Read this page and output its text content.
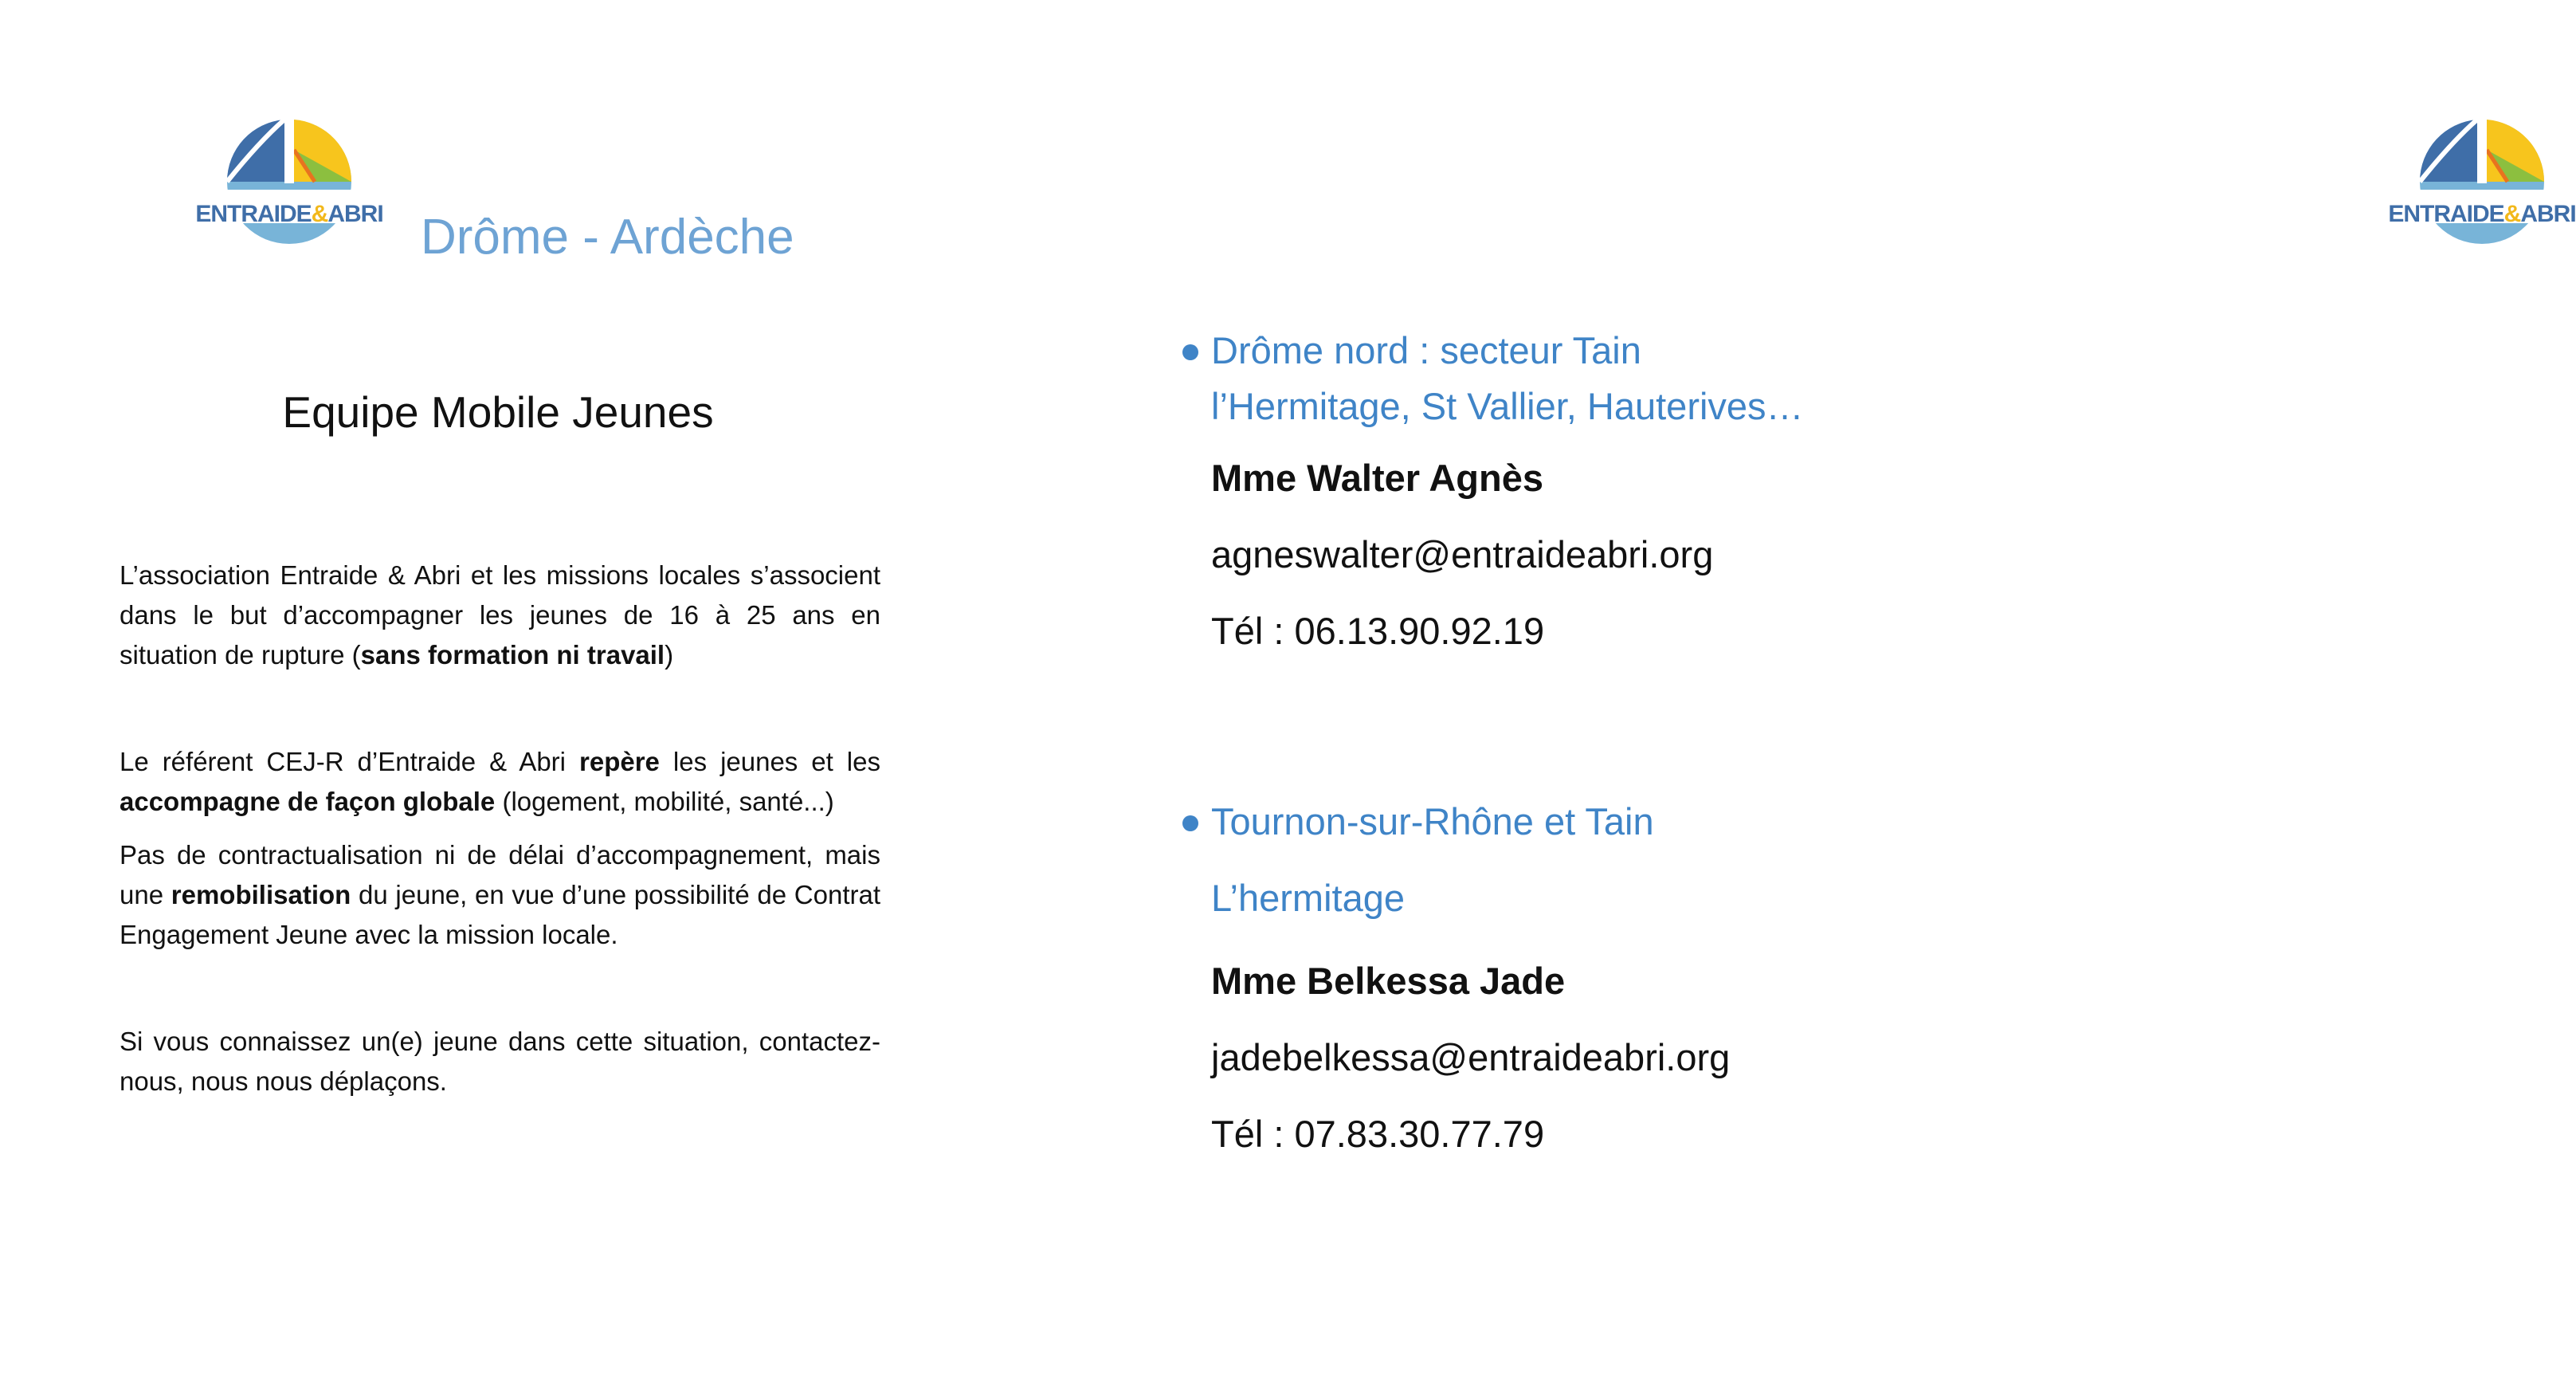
ENTRAIDE&ABRI Drôme - Ardèche
Equipe Mobile Jeunes
L’association Entraide & Abri et les missions locales s’associent dans le but d’accompagner les jeunes de 16 à 25 ans en situation de rupture (sans formation ni travail)
Le référent CEJ-R d’Entraide & Abri repère les jeunes et les accompagne de façon globale (logement, mobilité, santé...)
Pas de contractualisation ni de délai d’accompagnement, mais une remobilisation du jeune, en vue d’une possibilité de Contrat Engagement Jeune avec la mission locale.
Si vous connaissez un(e) jeune dans cette situation, contactez-nous, nous nous déplaçons.
ENTRAIDE&ABRI
Drôme nord : secteur Tain
l’Hermitage, St Vallier, Hauterives…
Mme Walter Agnès
agneswalter@entraideabri.org
Tél : 06.13.90.92.19
Tournon-sur-Rhône et Tain
L’hermitage
Mme Belkessa Jade
jadebelkessa@entraideabri.org
Tél : 07.83.30.77.79
